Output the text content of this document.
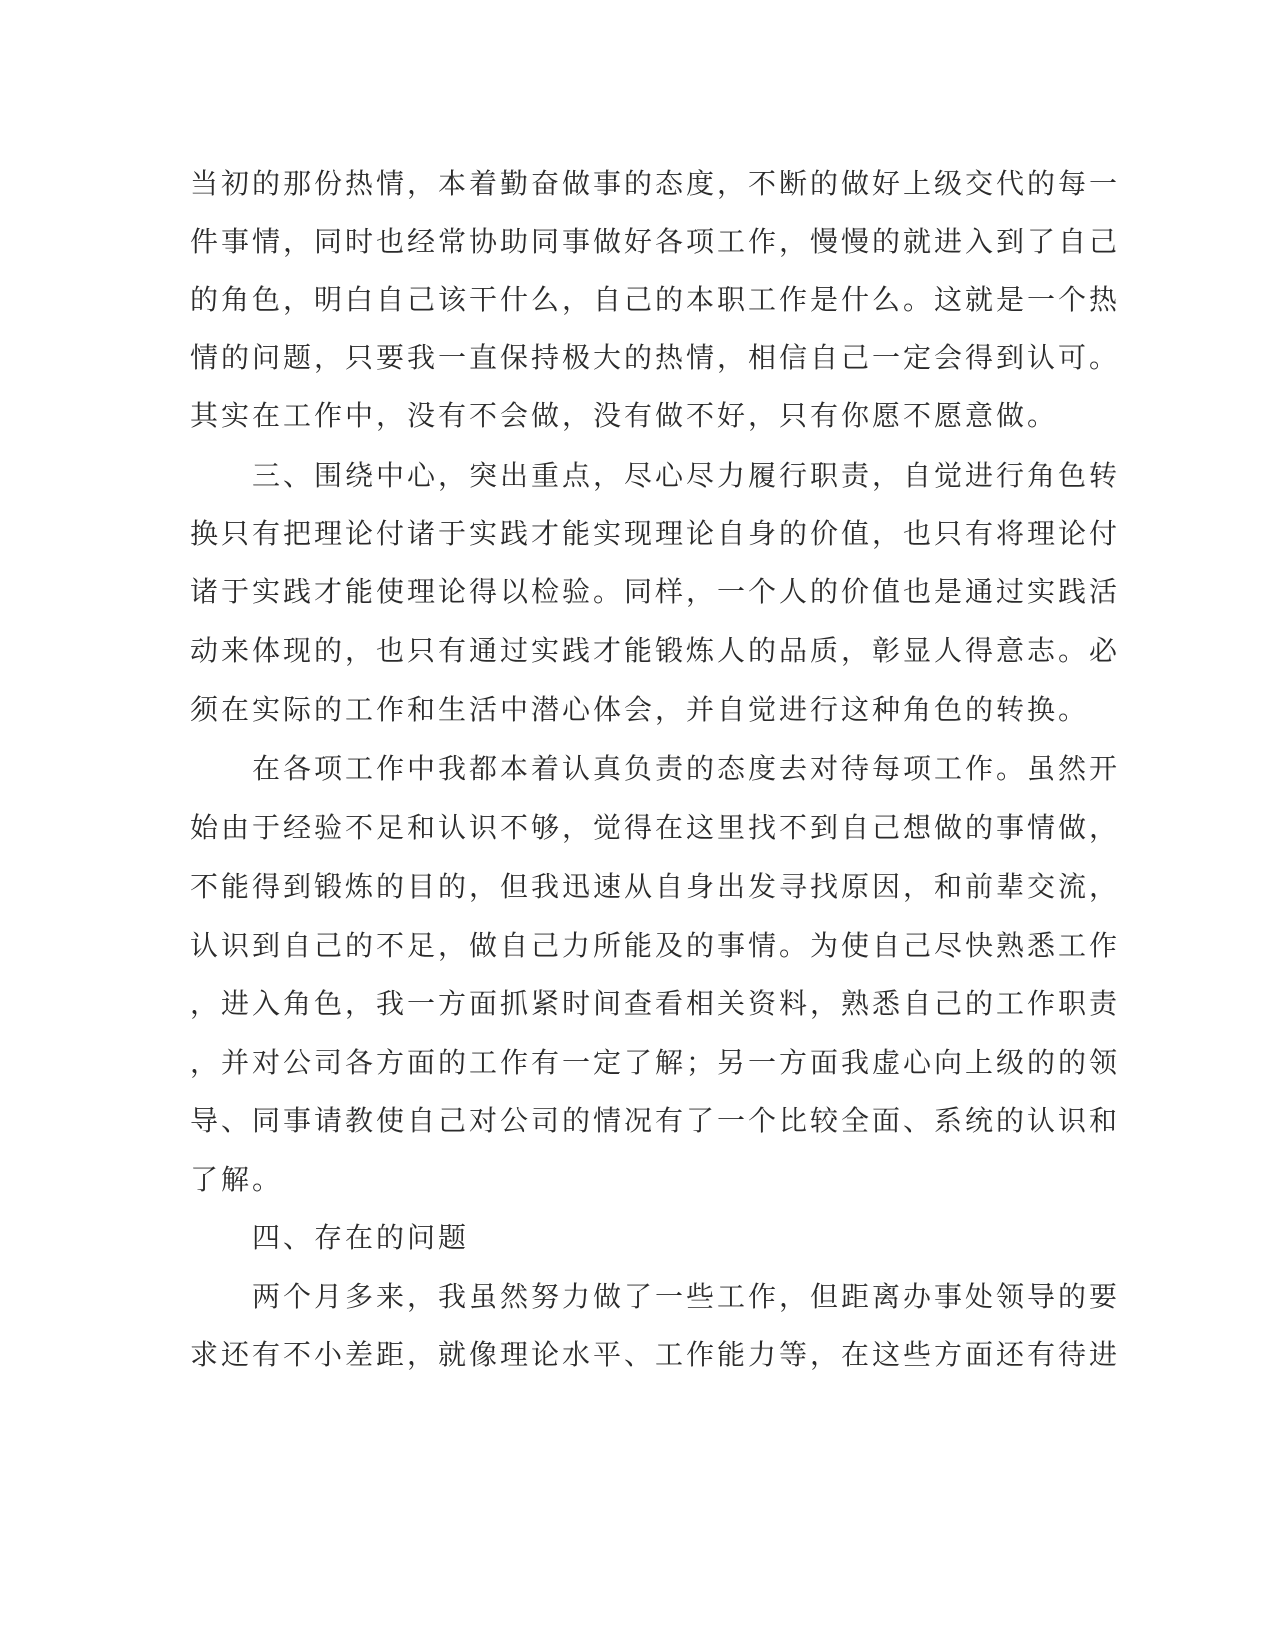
当初的那份热情，本着勤奋做事的态度，不断的做好上级交代的每一
件事情，同时也经常协助同事做好各项工作，慢慢的就进入到了自己
的角色，明白自己该干什么，自己的本职工作是什么。这就是一个热
情的问题，只要我一直保持极大的热情，相信自己一定会得到认可。
其实在工作中，没有不会做，没有做不好，只有你愿不愿意做。
　　三、围绕中心，突出重点，尽心尽力履行职责，自觉进行角色转
换只有把理论付诸于实践才能实现理论自身的价值，也只有将理论付
诸于实践才能使理论得以检验。同样，一个人的价值也是通过实践活
动来体现的，也只有通过实践才能锻炼人的品质，彰显人得意志。必
须在实际的工作和生活中潜心体会，并自觉进行这种角色的转换。
　　在各项工作中我都本着认真负责的态度去对待每项工作。虽然开
始由于经验不足和认识不够，觉得在这里找不到自己想做的事情做，
不能得到锻炼的目的，但我迅速从自身出发寻找原因，和前辈交流，
认识到自己的不足，做自己力所能及的事情。为使自己尽快熟悉工作
，进入角色，我一方面抓紧时间查看相关资料，熟悉自己的工作职责
，并对公司各方面的工作有一定了解；另一方面我虚心向上级的的领
导、同事请教使自己对公司的情况有了一个比较全面、系统的认识和
了解。
　　四、存在的问题
　　两个月多来，我虽然努力做了一些工作，但距离办事处领导的要
求还有不小差距，就像理论水平、工作能力等，在这些方面还有待进
